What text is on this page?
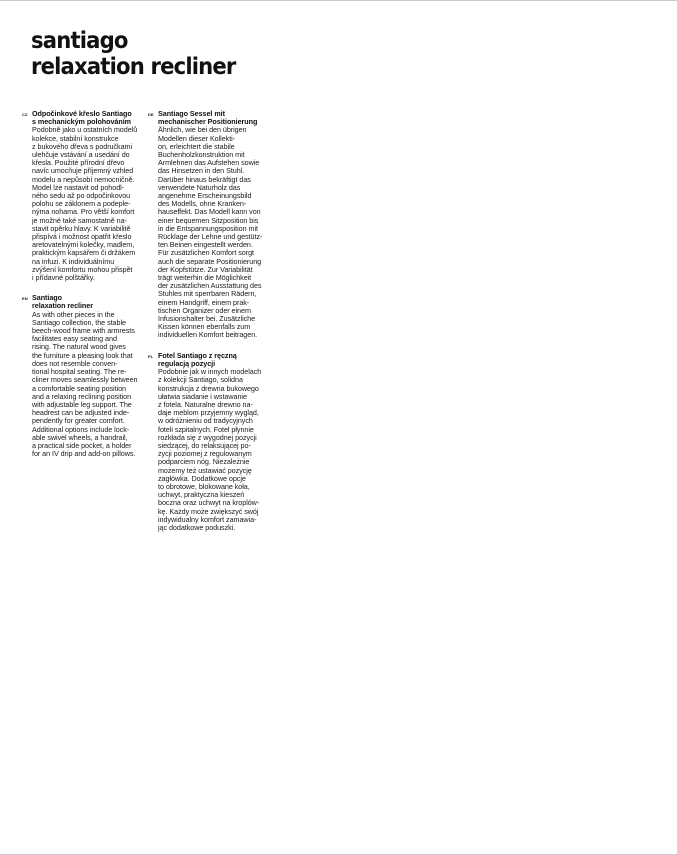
santiago
relaxation recliner
CZ Odpočinkové křeslo Santiago
s mechanickým polohováním
Podobně jako u ostatních modelů
kolekce, stabilní konstrukce
z bukového dřeva s područkami
ulehčuje vstávání a usedání do
křesla. Použité přírodní dřevo
navíc umocňuje příjemný vzhled
modelu a nepůsobí nemocničně.
Model lze nastavit od pohodl-
ného sedu až po odpočinkovou
polohu se záklonem a podeple-
nýma nohama. Pro větší komfort
je možné také samostatně na-
stavit opěrku hlavy. K variabilitě
přispívá i možnost opatřit křeslo
aretovatelnými kolečky, madlem,
praktickým kapsářem či držákem
na infuzi. K individuálnímu
zvýšení komfortu mohou přispět
i přídavné polštářky.
EN Santiago
relaxation recliner
As with other pieces in the
Santiago collection, the stable
beech-wood frame with armrests
facilitates easy seating and
rising. The natural wood gives
the furniture a pleasing look that
does not resemble conven-
tional hospital seating. The re-
cliner moves seamlessly between
a comfortable seating position
and a relaxing reclining position
with adjustable leg support. The
headrest can be adjusted inde-
pendently for greater comfort.
Additional options include lock-
able swivel wheels, a handrail,
a practical side pocket, a holder
for an IV drip and add-on pillows.
DE Santiago Sessel mit
mechanischer Positionierung
Ähnlich, wie bei den übrigen
Modellen dieser Kollekti-
on, erleichtert die stabile
Buchenholzkonstruktion mit
Armlehnen das Aufstehen sowie
das Hinsetzen in den Stuhl.
Darüber hinaus bekräftigt das
verwendete Naturholz das
angenehme Erscheinungsbild
des Modells, ohne Kranken-
hauseffekt. Das Modell kann von
einer bequemen Sitzposition bis
in die Entspannungsposition mit
Rücklage der Lehne und gestütz-
ten Beinen eingestellt werden.
Für zusätzlichen Komfort sorgt
auch die separate Positionierung
der Kopfstütze. Zur Variabilität
trägt weiterhin die Möglichkeit
der zusätzlichen Ausstattung des
Stuhles mit sperrbaren Rädern,
einem Handgriff, einem prak-
tischen Organizer oder einem
Infusionshalter bei. Zusätzliche
Kissen können ebenfalls zum
individuellen Komfort beitragen.
PL Fotel Santiago z ręczną
regulacją pozycji
Podobnie jak w innych modelach
z kolekcji Santiago, solidna
konstrukcja z drewna bukowego
ułatwia siadanie i wstawanie
z fotela. Naturalne drewno na-
daje meblom przyjemny wygląd,
w odróżnieniu od tradycyjnych
foteli szpitalnych. Fotel płynnie
rozkłada się z wygodnej pozycji
siedzącej, do relaksującej po-
zycji poziomej z regulowanym
podparciem nóg. Niezależnie
możemy też ustawiać pozycję
zagłówka. Dodatkowe opcje
to obrotowe, blokowane koła,
uchwyt, praktyczna kieszeń
boczna oraz uchwyt na kroplów-
kę. Każdy może zwiększyć swój
indywidualny komfort zamawia-
jąc dodatkowe poduszki.
